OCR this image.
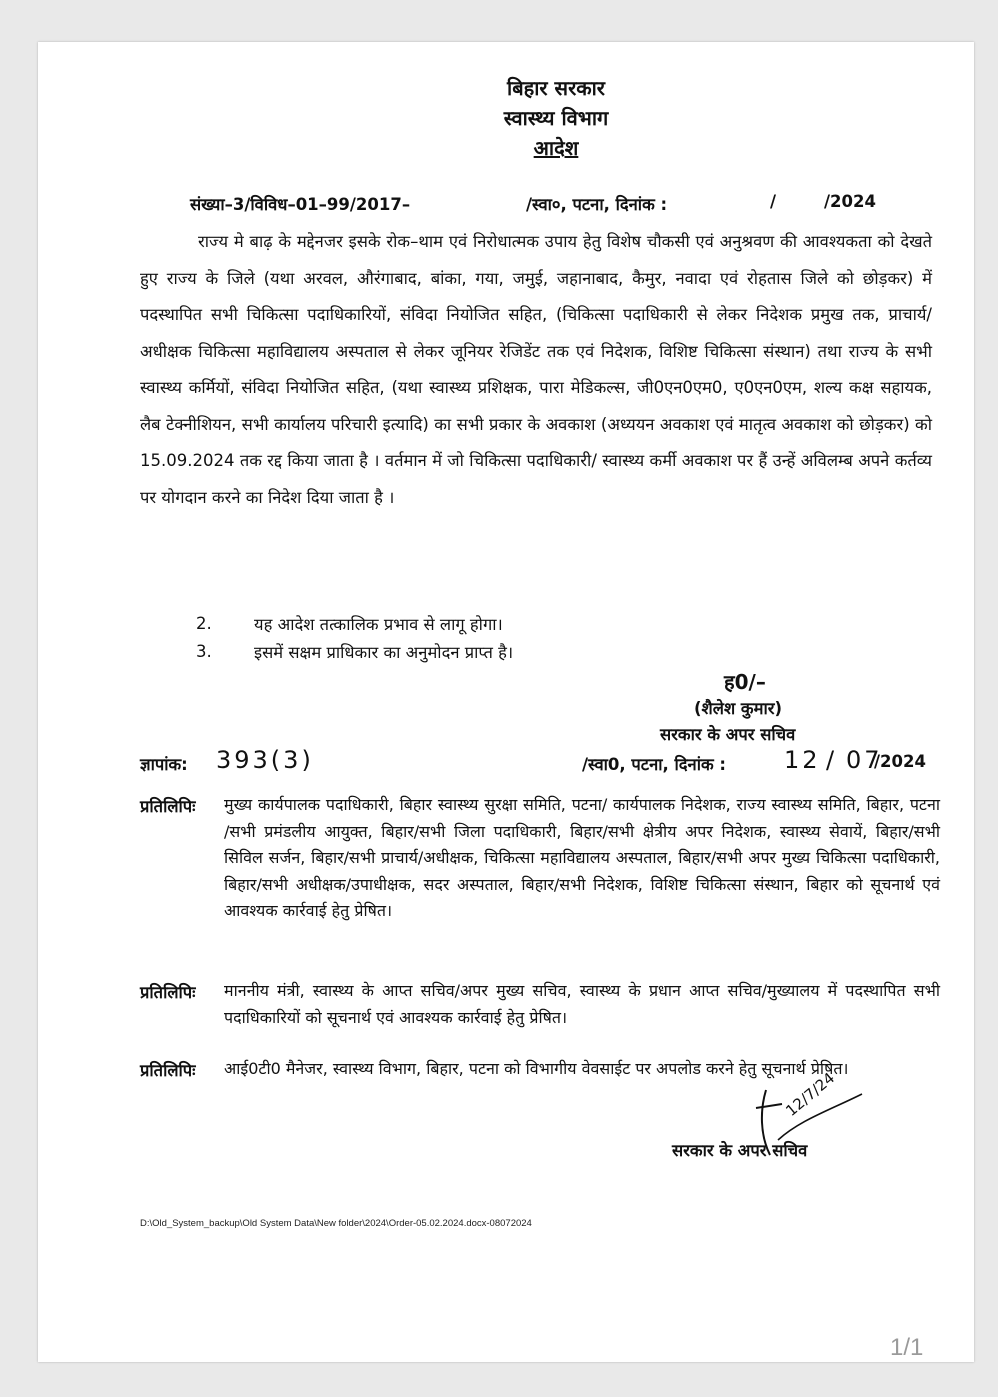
बिहार सरकार
स्वास्थ्य विभाग
आदेश
संख्या–3/विविध–01–99/2017–	/स्वा०, पटना, दिनांक :	/	/2024
राज्य मे बाढ़ के मद्देनजर इसके रोक–थाम एवं निरोधात्मक उपाय हेतु विशेष चौकसी एवं अनुश्रवण की आवश्यकता को देखते हुए राज्य के जिले (यथा अरवल, औरंगाबाद, बांका, गया, जमुई, जहानाबाद, कैमुर, नवादा एवं रोहतास जिले को छोड़कर) में पदस्थापित सभी चिकित्सा पदाधिकारियों, संविदा नियोजित सहित, (चिकित्सा पदाधिकारी से लेकर निदेशक प्रमुख तक, प्राचार्य/अधीक्षक चिकित्सा महाविद्यालय अस्पताल से लेकर जूनियर रेजिडेंट तक एवं निदेशक, विशिष्ट चिकित्सा संस्थान) तथा राज्य के सभी स्वास्थ्य कर्मियों, संविदा नियोजित सहित, (यथा स्वास्थ्य प्रशिक्षक, पारा मेडिकल्स, जी0एन0एम0, ए0एन0एम, शल्य कक्ष सहायक, लैब टेक्नीशियन, सभी कार्यालय परिचारी इत्यादि) का सभी प्रकार के अवकाश (अध्ययन अवकाश एवं मातृत्व अवकाश को छोड़कर) को 15.09.2024 तक रद्द किया जाता है । वर्तमान में जो चिकित्सा पदाधिकारी/ स्वास्थ्य कर्मी अवकाश पर हैं उन्हें अविलम्ब अपने कर्तव्य पर योगदान करने का निदेश दिया जाता है ।
2.	यह आदेश तत्कालिक प्रभाव से लागू होगा।
3.	इसमें सक्षम प्राधिकार का अनुमोदन प्राप्त है।
ह0/–
(शैलेश कुमार)
सरकार के अपर सचिव
ज्ञापांक: 393(3)	/स्वा0, पटना, दिनांक : 12 / 07
/2024
प्रतिलिपिः मुख्य कार्यपालक पदाधिकारी, बिहार स्वास्थ्य सुरक्षा समिति, पटना/ कार्यपालक निदेशक, राज्य स्वास्थ्य समिति, बिहार, पटना /सभी प्रमंडलीय आयुक्त, बिहार/सभी जिला पदाधिकारी, बिहार/सभी क्षेत्रीय अपर निदेशक, स्वास्थ्य सेवायें, बिहार/सभी सिविल सर्जन, बिहार/सभी प्राचार्य/अधीक्षक, चिकित्सा महाविद्यालय अस्पताल, बिहार/सभी अपर मुख्य चिकित्सा पदाधिकारी, बिहार/सभी अधीक्षक/उपाधीक्षक, सदर अस्पताल, बिहार/सभी निदेशक, विशिष्ट चिकित्सा संस्थान, बिहार को सूचनार्थ एवं आवश्यक कार्रवाई हेतु प्रेषित।
प्रतिलिपिः माननीय मंत्री, स्वास्थ्य के आप्त सचिव/अपर मुख्य सचिव, स्वास्थ्य के प्रधान आप्त सचिव/मुख्यालय में पदस्थापित सभी पदाधिकारियों को सूचनार्थ एवं आवश्यक कार्रवाई हेतु प्रेषित।
प्रतिलिपिः आई0टी0 मैनेजर, स्वास्थ्य विभाग, बिहार, पटना को विभागीय वेवसाईट पर अपलोड करने हेतु सूचनार्थ प्रेषित।
12/7/24
सरकार के अपर सचिव
D:\Old_System_backup\Old System Data\New folder\2024\Order-05.02.2024.docx-08072024
1/1
